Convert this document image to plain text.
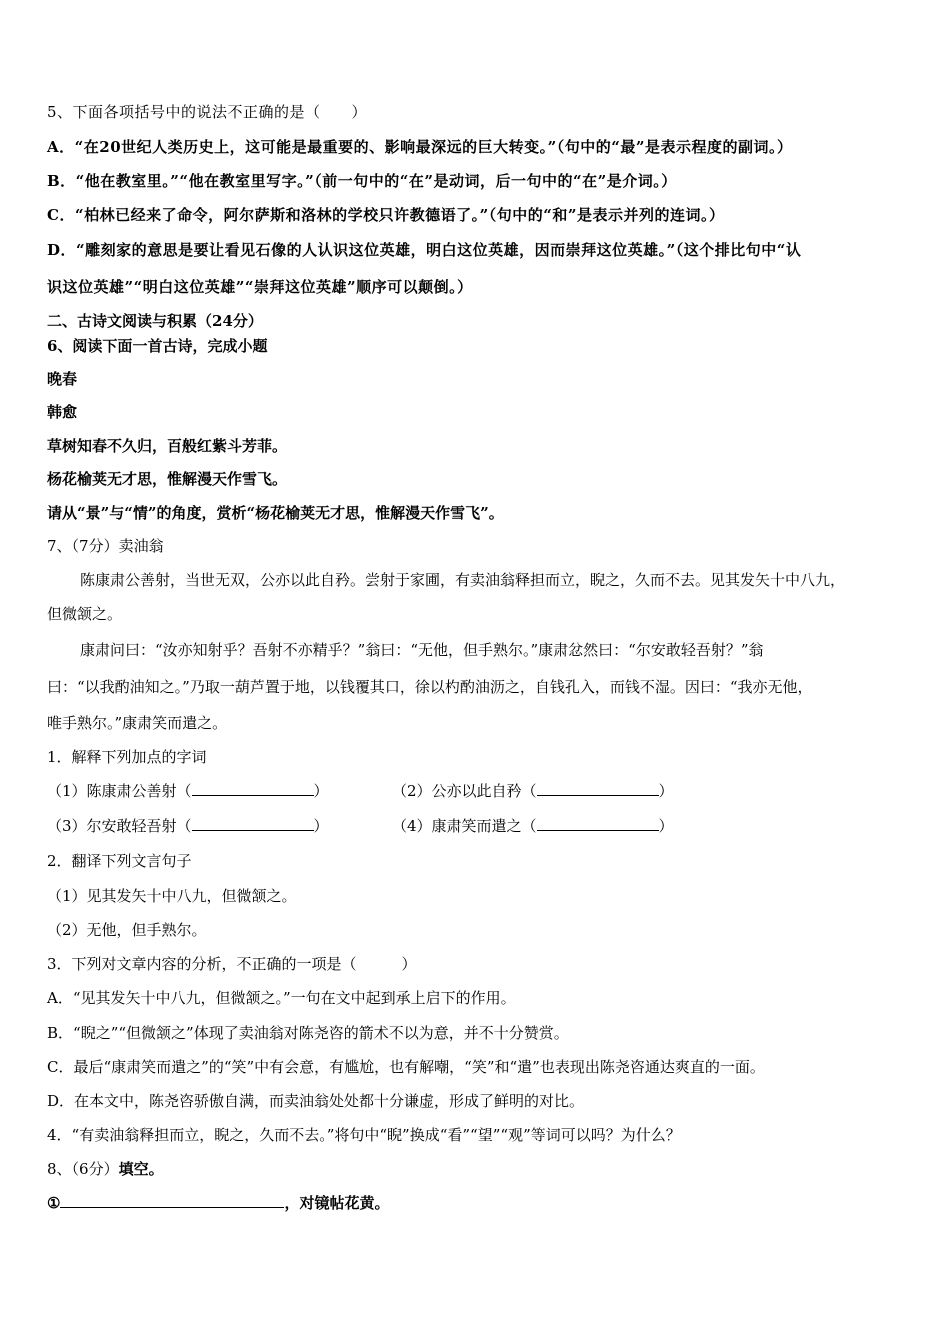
5、下面各项括号中的说法不正确的是（　　）
A．“在20世纪人类历史上，这可能是最重要的、影响最深远的巨大转变。”（句中的“最”是表示程度的副词。）
B．“他在教室里。”“他在教室里写字。”（前一句中的“在”是动词，后一句中的“在”是介词。）
C．“柏林已经来了命令，阿尔萨斯和洛林的学校只许教德语了。”（句中的“和”是表示并列的连词。）
D．“雕刻家的意思是要让看见石像的人认识这位英雄，明白这位英雄，因而崇拜这位英雄。”（这个排比句中“认
识这位英雄”“明白这位英雄”“崇拜这位英雄”顺序可以颠倒。）
二、古诗文阅读与积累（24分）
6、阅读下面一首古诗，完成小题
晚春
韩愈
草树知春不久归，百般红紫斗芳菲。
杨花榆荚无才思，惟解漫天作雪飞。
请从“景”与“情”的角度，赏析“杨花榆荚无才思，惟解漫天作雪飞”。
7、（7分）卖油翁
陈康肃公善射，当世无双，公亦以此自矜。尝射于家圃，有卖油翁释担而立，睨之，久而不去。见其发矢十中八九，
但微颔之。
康肃问曰：“汝亦知射乎？吾射不亦精乎？”翁曰：“无他，但手熟尔。”康肃忿然曰：“尔安敢轻吾射？”翁
曰：“以我酌油知之。”乃取一葫芦置于地，以钱覆其口，徐以杓酌油沥之，自钱孔入，而钱不湿。因曰：“我亦无他，
唯手熟尔。”康肃笑而遣之。
1．解释下列加点的字词
（1）陈康肃公善射（	）	（2）公亦以此自矜（	）
（3）尔安敢轻吾射（	）	（4）康肃笑而遣之（	）
2．翻译下列文言句子
（1）见其发矢十中八九，但微颔之。
（2）无他，但手熟尔。
3．下列对文章内容的分析，不正确的一项是（　　　）
A．“见其发矢十中八九，但微颔之。”一句在文中起到承上启下的作用。
B．“睨之”“但微颔之”体现了卖油翁对陈尧咨的箭术不以为意，并不十分赞赏。
C．最后“康肃笑而遣之”的“笑”中有会意，有尴尬，也有解嘲，“笑”和“遣”也表现出陈尧咨通达爽直的一面。
D．在本文中，陈尧咨骄傲自满，而卖油翁处处都十分谦虚，形成了鲜明的对比。
4．“有卖油翁释担而立，睨之，久而不去。”将句中“睨”换成“看”“望”“观”等词可以吗？为什么？
8、（6分）填空。
①	，对镜帖花黄。
